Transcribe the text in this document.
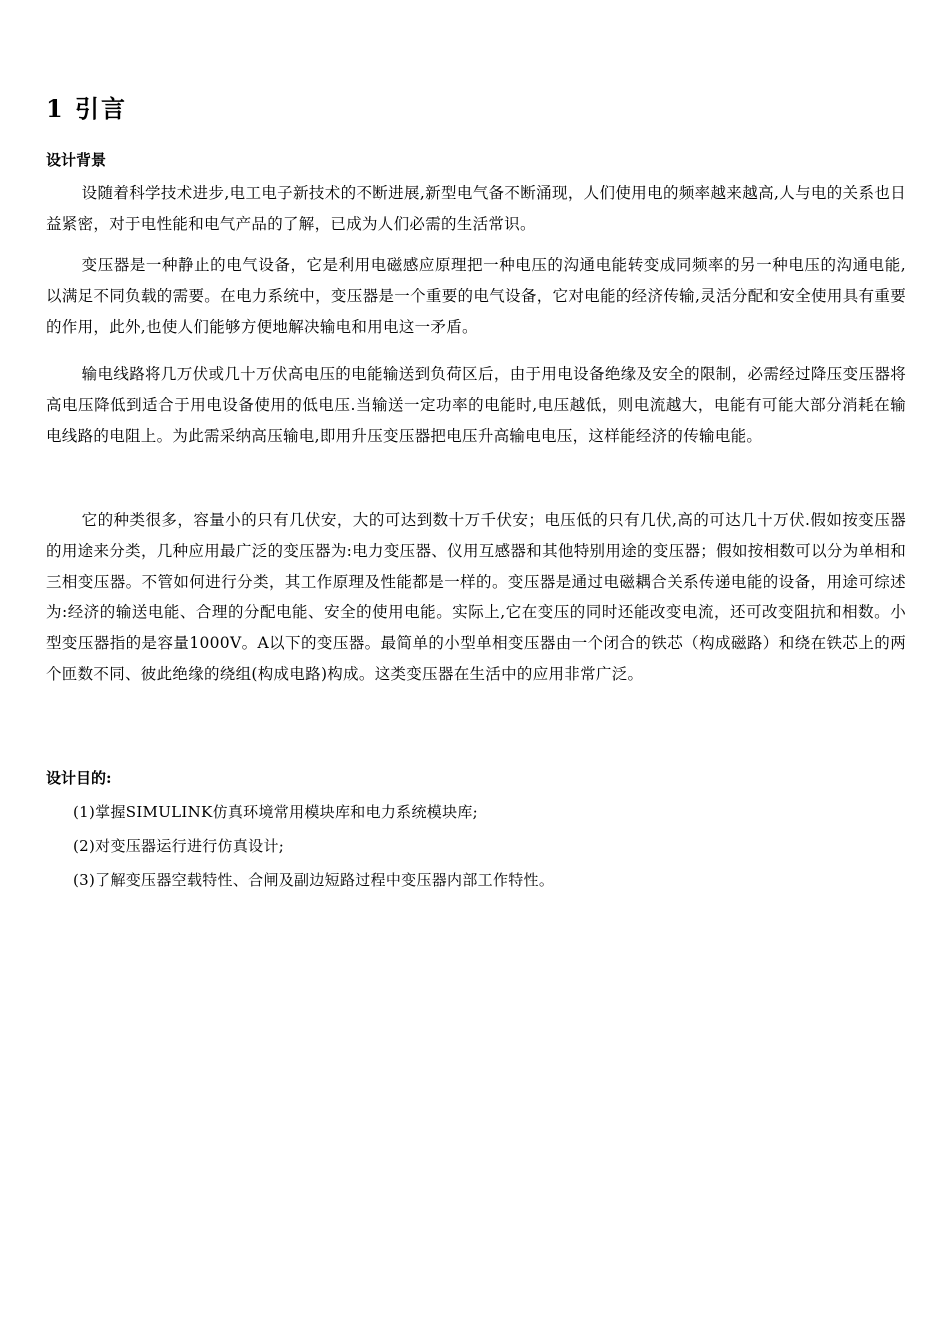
1 引言
设计背景

设随着科学技术进步,电工电子新技术的不断进展,新型电气备不断涌现，人们使用电的频率越来越高,人与电的关系也日益紧密，对于电性能和电气产品的了解，已成为人们必需的生活常识。

变压器是一种静止的电气设备，它是利用电磁感应原理把一种电压的沟通电能转变成同频率的另一种电压的沟通电能,以满足不同负载的需要。在电力系统中，变压器是一个重要的电气设备，它对电能的经济传输,灵活分配和安全使用具有重要的作用，此外,也使人们能够方便地解决输电和用电这一矛盾。

输电线路将几万伏或几十万伏高电压的电能输送到负荷区后，由于用电设备绝缘及安全的限制，必需经过降压变压器将高电压降低到适合于用电设备使用的低电压.当输送一定功率的电能时,电压越低，则电流越大，电能有可能大部分消耗在输电线路的电阻上。为此需采纳高压输电,即用升压变压器把电压升高输电电压，这样能经济的传输电能。

它的种类很多，容量小的只有几伏安，大的可达到数十万千伏安；电压低的只有几伏,高的可达几十万伏.假如按变压器的用途来分类，几种应用最广泛的变压器为:电力变压器、仪用互感器和其他特别用途的变压器；假如按相数可以分为单相和三相变压器。不管如何进行分类，其工作原理及性能都是一样的。变压器是通过电磁耦合关系传递电能的设备，用途可综述为:经济的输送电能、合理的分配电能、安全的使用电能。实际上,它在变压的同时还能改变电流，还可改变阻抗和相数。小型变压器指的是容量1000V。A以下的变压器。最简单的小型单相变压器由一个闭合的铁芯（构成磁路）和绕在铁芯上的两个匝数不同、彼此绝缘的绕组(构成电路)构成。这类变压器在生活中的应用非常广泛。

设计目的:

(1)掌握SIMULINK仿真环境常用模块库和电力系统模块库;

(2)对变压器运行进行仿真设计;

(3)了解变压器空载特性、合闸及副边短路过程中变压器内部工作特性。
